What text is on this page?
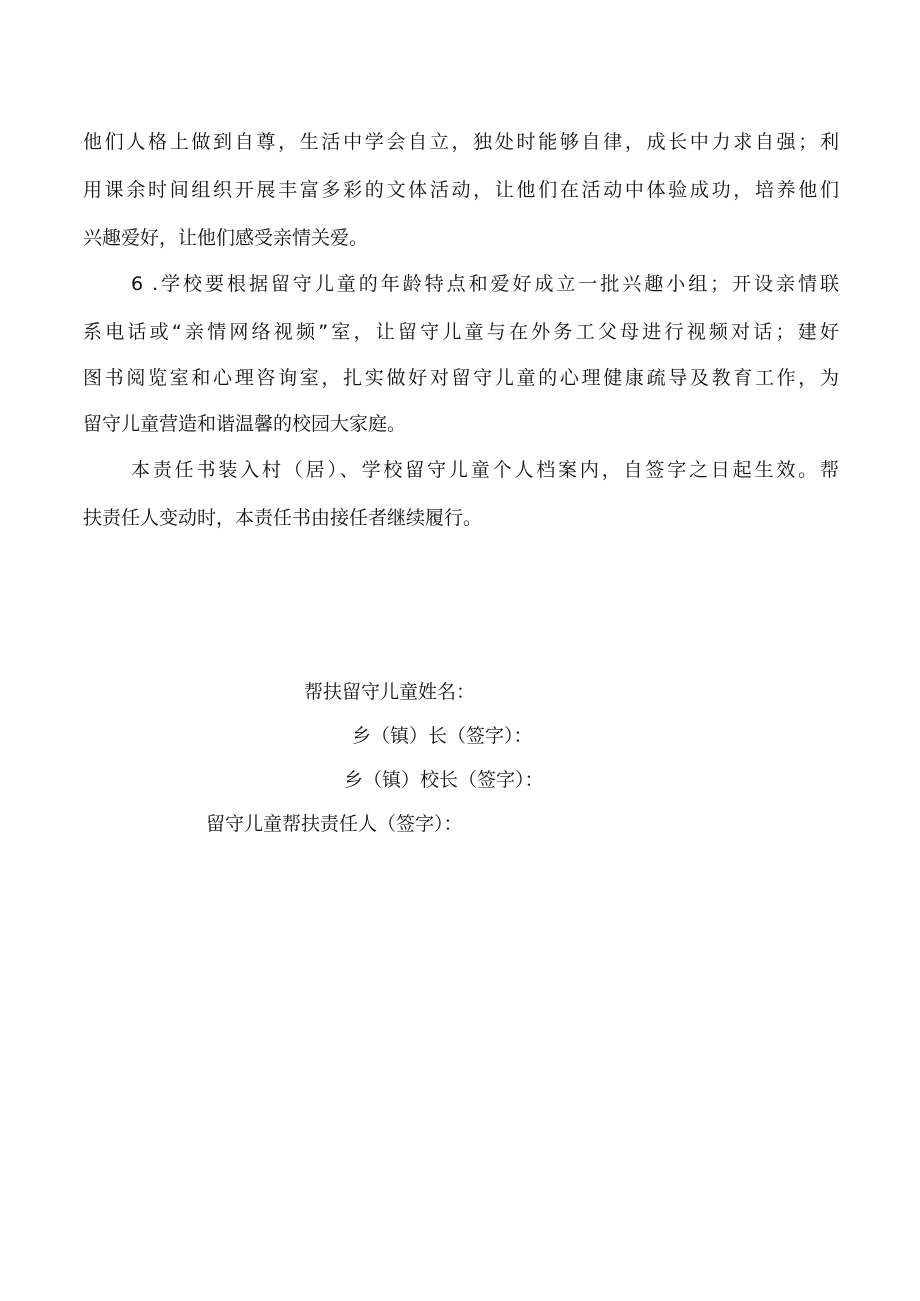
他们人格上做到自尊，生活中学会自立，独处时能够自律，成长中力求自强；利
用课余时间组织开展丰富多彩的文体活动，让他们在活动中体验成功，培养他们
兴趣爱好，让他们感受亲情关爱。
6 .学校要根据留守儿童的年龄特点和爱好成立一批兴趣小组；开设亲情联
系电话或“亲情网络视频”室，让留守儿童与在外务工父母进行视频对话；建好
图书阅览室和心理咨询室，扎实做好对留守儿童的心理健康疏导及教育工作，为
留守儿童营造和谐温馨的校园大家庭。
本责任书装入村（居）、学校留守儿童个人档案内，自签字之日起生效。帮
扶责任人变动时，本责任书由接任者继续履行。
帮扶留守儿童姓名：
乡（镇）长（签字）：
乡（镇）校长（签字）：
留守儿童帮扶责任人（签字）：
